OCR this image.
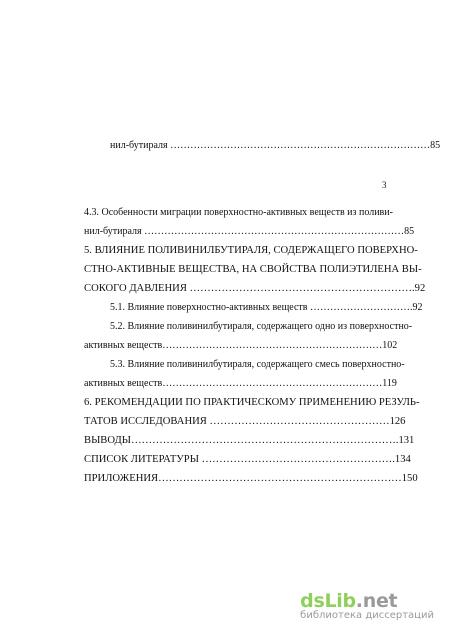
нил-бутираля ……………………………………………………………………85
3
4.3. Особенности миграции поверхностно-активных веществ из поливи-
нил-бутираля ……………………………………………………………………85
5. ВЛИЯНИЕ ПОЛИВИНИЛБУТИРАЛЯ, СОДЕРЖАЩЕГО ПОВЕРХНО-
СТНО-АКТИВНЫЕ ВЕЩЕСТВА, НА СВОЙСТВА ПОЛИЭТИЛЕНА ВЫ-
СОКОГО ДАВЛЕНИЯ ……………………………………………………….92
5.1. Влияние поверхностно-активных веществ ………………………….92
5.2. Влияние поливинилбутираля, содержащего одно из поверхностно-
активных веществ…………………………………………………………102
5.3. Влияние поливинилбутираля, содержащего смесь поверхностно-
активных веществ…………………………………………………………119
6. РЕКОМЕНДАЦИИ ПО ПРАКТИЧЕСКОМУ ПРИМЕНЕНИЮ РЕЗУЛЬ-
ТАТОВ ИССЛЕДОВАНИЯ ……………………………………………126
ВЫВОДЫ………………………………………………………………….131
СПИСОК ЛИТЕРАТУРЫ ……………………………………………….134
ПРИЛОЖЕНИЯ……………………………………………………………150
dsLib.net
библиотека диссертаций
